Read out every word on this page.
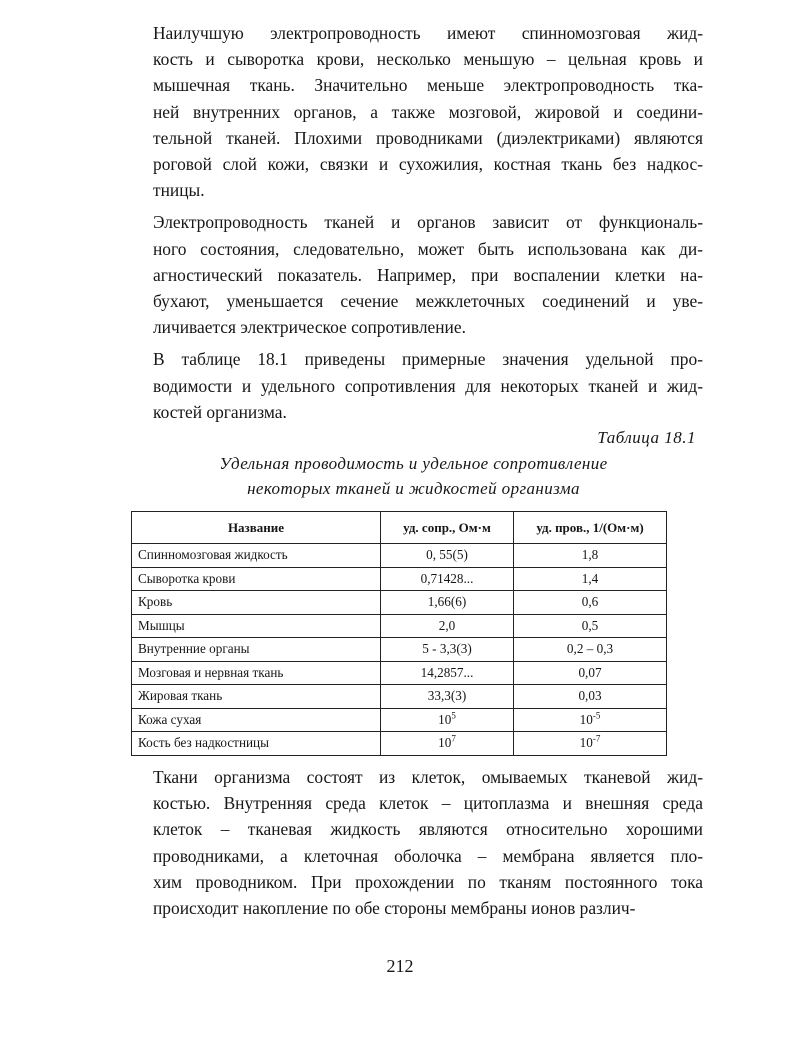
Наилучшую электропроводность имеют спинномозговая жид-
кость и сыворотка крови, несколько меньшую – цельная кровь и
мышечная ткань. Значительно меньше электропроводность тка-
ней внутренних органов, а также мозговой, жировой и соедини-
тельной тканей. Плохими проводниками (диэлектриками) являются
роговой слой кожи, связки и сухожилия, костная ткань без надкос-
тницы.

Электропроводность тканей и органов зависит от функциональ-
ного состояния, следовательно, может быть использована как ди-
агностический показатель. Например, при воспалении клетки на-
бухают, уменьшается сечение межклеточных соединений и уве-
личивается электрическое сопротивление.

В таблице 18.1 приведены примерные значения удельной про-
водимости и удельного сопротивления для некоторых тканей и жид-
костей организма.

Таблица 18.1
Удельная проводимость и удельное сопротивление
некоторых тканей и жидкостей организма
Название	уд. сопр., Ом·м	уд. пров., 1/(Ом·м)
Спинномозговая жидкость	0, 55(5)	1,8
Сыворотка крови	0,71428...	1,4
Кровь	1,66(6)	0,6
Мышцы	2,0	0,5
Внутренние органы	5 - 3,3(3)	0,2 – 0,3
Мозговая и нервная ткань	14,2857...	0,07
Жировая ткань	33,3(3)	0,03
Кожа сухая	$10^5$	$10^{-5}$
Кость без надкостницы	$10^7$	$10^{-7}$

Ткани организма состоят из клеток, омываемых тканевой жид-
костью. Внутренняя среда клеток – цитоплазма и внешняя среда
клеток – тканевая жидкость являются относительно хорошими
проводниками, а клеточная оболочка – мембрана является пло-
хим проводником. При прохождении по тканям постоянного тока
происходит накопление по обе стороны мембраны ионов различ-

212
